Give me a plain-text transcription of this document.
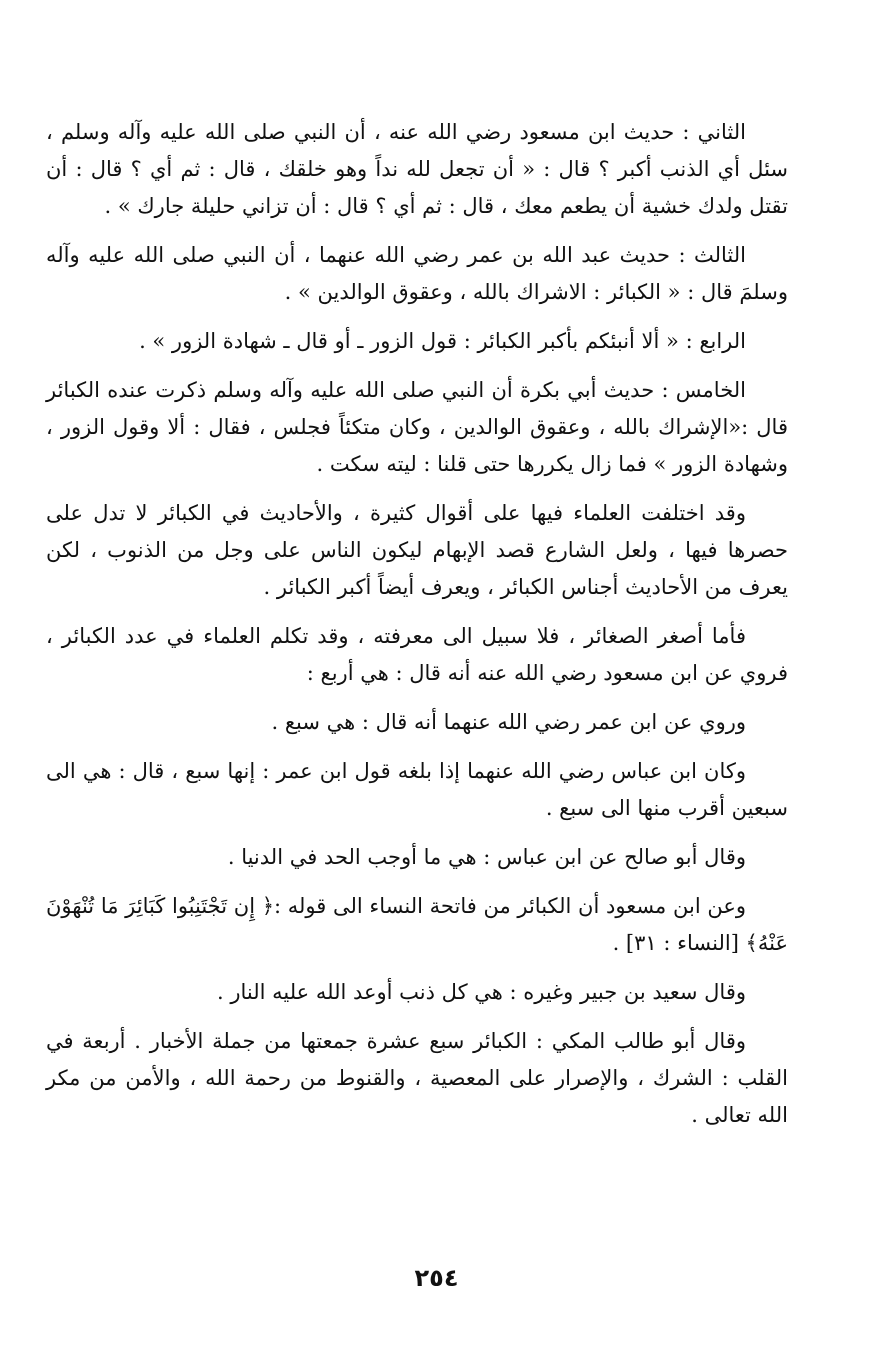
الثاني : حديث ابن مسعود رضي الله عنه ، أن النبي صلى الله عليه وآله وسلم ، سئل أي الذنب أكبر ؟ قال : « أن تجعل لله نداً وهو خلقك ، قال : ثم أي ؟ قال : أن تقتل ولدك خشية أن يطعم معك ، قال : ثم أي ؟ قال : أن تزاني حليلة جارك » .

الثالث : حديث عبد الله بن عمر رضي الله عنهما ، أن النبي صلى الله عليه وآله وسلمَ قال : « الكبائر : الاشراك بالله ، وعقوق الوالدين » .

الرابع : « ألا أنبئكم بأكبر الكبائر : قول الزور ـ أو قال ـ شهادة الزور » .

الخامس : حديث أبي بكرة أن النبي صلى الله عليه وآله وسلم ذكرت عنده الكبائر قال :«الإشراك بالله ، وعقوق الوالدين ، وكان متكئاً فجلس ، فقال : ألا وقول الزور ، وشهادة الزور » فما زال يكررها حتى قلنا : ليته سكت .

وقد اختلفت العلماء فيها على أقوال كثيرة ، والأحاديث في الكبائر لا تدل على حصرها فيها ، ولعل الشارع قصد الإبهام ليكون الناس على وجل من الذنوب ، لكن يعرف من الأحاديث أجناس الكبائر ، ويعرف أيضاً أكبر الكبائر .

فأما أصغر الصغائر ، فلا سبيل الى معرفته ، وقد تكلم العلماء في عدد الكبائر ، فروي عن ابن مسعود رضي الله عنه أنه قال : هي أربع :

وروي عن ابن عمر رضي الله عنهما أنه قال : هي سبع .

وكان ابن عباس رضي الله عنهما إذا بلغه قول ابن عمر : إنها سبع ، قال : هي الى سبعين أقرب منها الى سبع .

وقال أبو صالح عن ابن عباس : هي ما أوجب الحد في الدنيا .

وعن ابن مسعود أن الكبائر من فاتحة النساء الى قوله :﴿ إِن تَجْتَنِبُوا كَبَائِرَ مَا تُنْهَوْنَ عَنْهُ﴾ [النساء : ٣١] .

وقال سعيد بن جبير وغيره : هي كل ذنب أوعد الله عليه النار .

وقال أبو طالب المكي : الكبائر سبع عشرة جمعتها من جملة الأخبار . أربعة في القلب : الشرك ، والإصرار على المعصية ، والقنوط من رحمة الله ، والأمن من مكر الله تعالى .

٢٥٤
